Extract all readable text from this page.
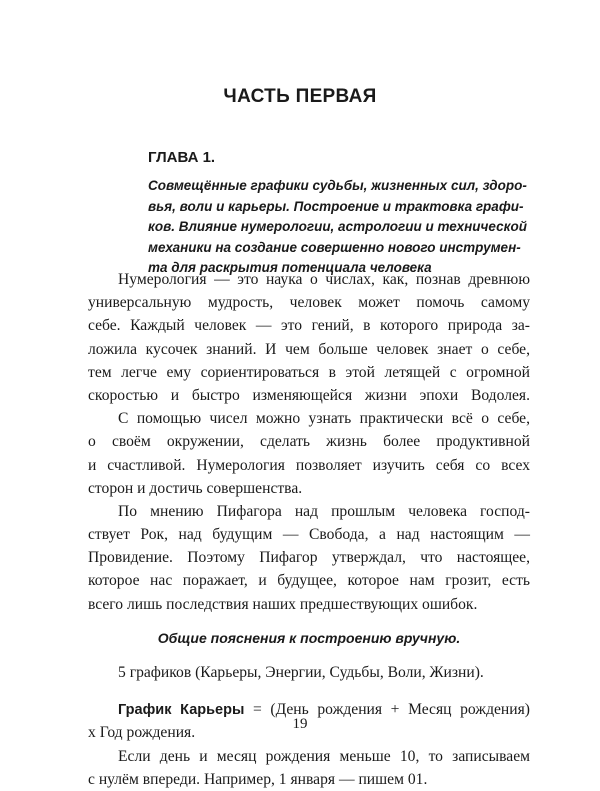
ЧАСТЬ ПЕРВАЯ
ГЛАВА 1.
Совмещённые графики судьбы, жизненных сил, здоро-
вья, воли и карьеры. Построение и трактовка графи-
ков. Влияние нумерологии, астрологии и технической
механики на создание совершенно нового инструмен-
та для раскрытия потенциала человека
Нумерология — это наука о числах, как, познав древнюю
универсальную мудрость, человек может помочь самому
себе. Каждый человек — это гений, в которого природа за-
ложила кусочек знаний. И чем больше человек знает о себе,
тем легче ему сориентироваться в этой летящей с огромной
скоростью и быстро изменяющейся жизни эпохи Водолея.
С помощью чисел можно узнать практически всё о себе,
о своём окружении, сделать жизнь более продуктивной
и счастливой. Нумерология позволяет изучить себя со всех
сторон и достичь совершенства.
По мнению Пифагора над прошлым человека господ-
ствует Рок, над будущим — Свобода, а над настоящим —
Провидение. Поэтому Пифагор утверждал, что настоящее,
которое нас поражает, и будущее, которое нам грозит, есть
всего лишь последствия наших предшествующих ошибок.
Общие пояснения к построению вручную.
5 графиков (Карьеры, Энергии, Судьбы, Воли, Жизни).
График Карьеры = (День рождения + Месяц рождения)
х Год рождения.
Если день и месяц рождения меньше 10, то записываем
с нулём впереди. Например, 1 января — пишем 01.
19
